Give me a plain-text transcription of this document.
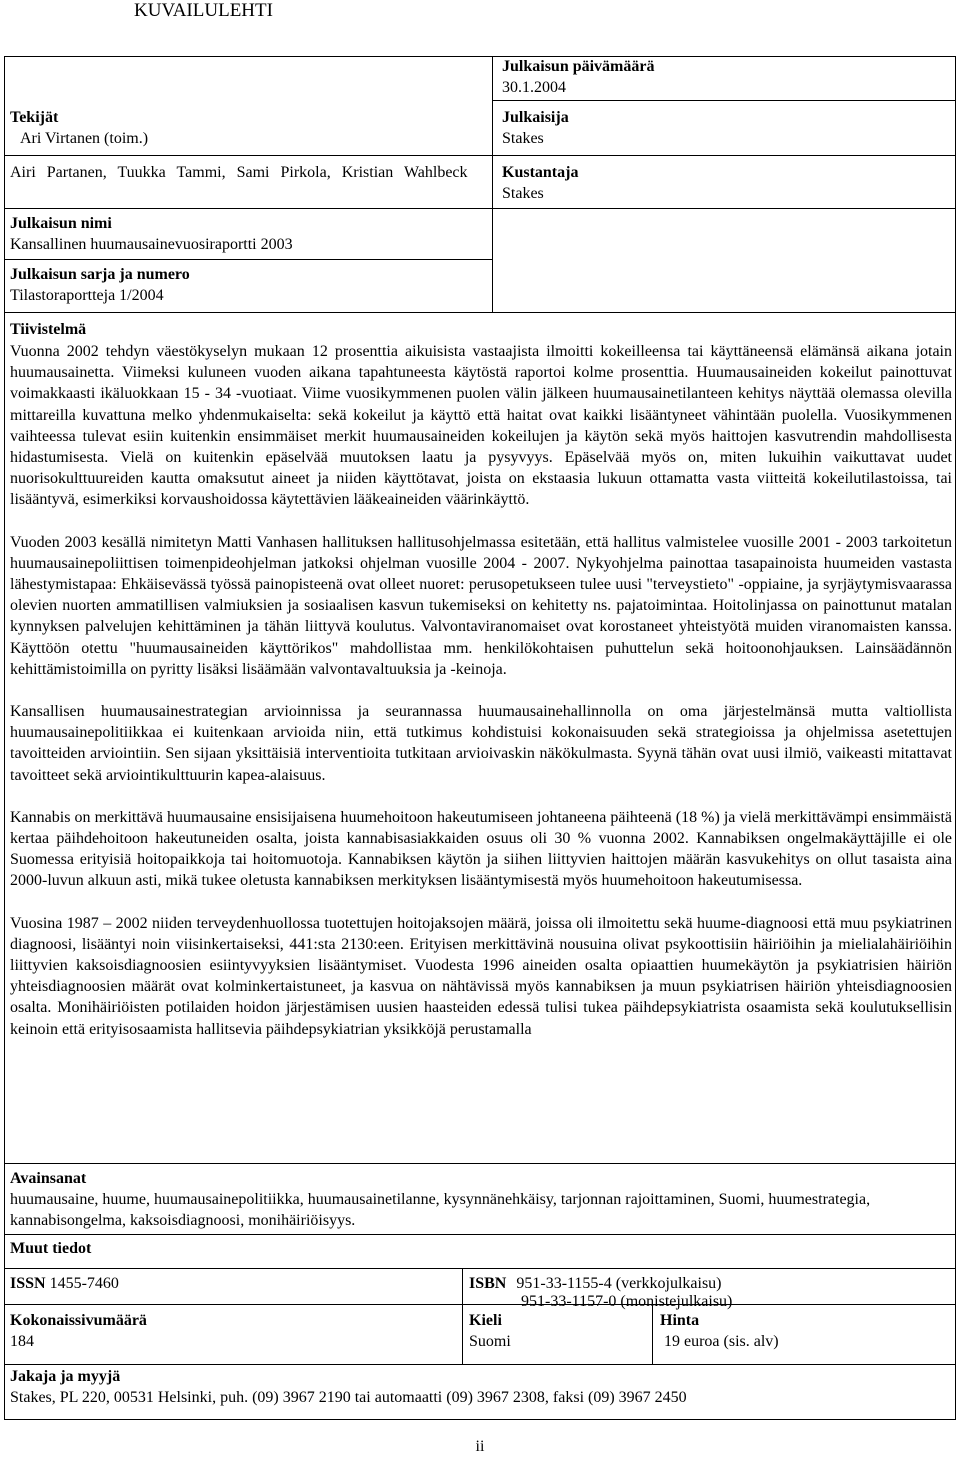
KUVAILULEHTI
Tekijät
Ari Virtanen (toim.)
Airi Partanen, Tuukka Tammi, Sami Pirkola, Kristian Wahlbeck
Julkaisun nimi
Kansallinen huumausainevuosiraportti 2003
Julkaisun sarja ja numero
Tilastoraportteja 1/2004
Julkaisun päivämäärä
30.1.2004
Julkaisija
Stakes
Kustantaja
Stakes
Tiivistelmä

Vuonna 2002 tehdyn väestökyselyn mukaan 12 prosenttia aikuisista vastaajista ilmoitti kokeilleensa tai käyttäneensä elämänsä aikana jotain huumausainetta. Viimeksi kuluneen vuoden aikana tapahtuneesta käytöstä raportoi kolme prosenttia. Huumausaineiden kokeilut painottuvat voimakkaasti ikäluokkaan 15 - 34 -vuotiaat. Viime vuosikymmenen puolen välin jälkeen huumausainetilanteen kehitys näyttää olemassa olevilla mittareilla kuvattuna melko yhdenmukaiselta: sekä kokeilut ja käyttö että haitat ovat kaikki lisääntyneet vähintään puolella. Vuosikymmenen vaihteessa tulevat esiin kuitenkin ensimmäiset merkit huumausaineiden kokeilujen ja käytön sekä myös haittojen kasvutrendin mahdollisesta hidastumisesta. Vielä on kuitenkin epäselvää muutoksen laatu ja pysyvyys. Epäselvää myös on, miten lukuihin vaikuttavat uudet nuorisokulttuureiden kautta omaksutut aineet ja niiden käyttötavat, joista on ekstaasia lukuun ottamatta vasta viitteitä kokeilutilastoissa, tai lisääntyvä, esimerkiksi korvaushoidossa käytettävien lääkeaineiden väärinkäyttö.

Vuoden 2003 kesällä nimitetyn Matti Vanhasen hallituksen hallitusohjelmassa esitetään, että hallitus valmistelee vuosille 2001 - 2003 tarkoitetun huumausainepoliittisen toimenpideohjelman jatkoksi ohjelman vuosille 2004 - 2007. Nykyohjelma painottaa tasapainoista huumeiden vastasta lähestymistapaa: Ehkäisevässä työssä painopisteenä ovat olleet nuoret: perusopetukseen tulee uusi "terveystieto" -oppiaine, ja syrjäytymisvaarassa olevien nuorten ammatillisen valmiuksien ja sosiaalisen kasvun tukemiseksi on kehitetty ns. pajatoimintaa. Hoitolinjassa on painottunut matalan kynnyksen palvelujen kehittäminen ja tähän liittyvä koulutus. Valvontaviranomaiset ovat korostaneet yhteistyötä muiden viranomaisten kanssa. Käyttöön otettu "huumausaineiden käyttörikos" mahdollistaa mm. henkilökohtaisen puhuttelun sekä hoitoonohjauksen. Lainsäädännön kehittämistoimilla on pyritty lisäksi lisäämään valvontavaltuuksia ja -keinoja.

Kansallisen huumausainestrategian arvioinnissa ja seurannassa huumausainehallinnolla on oma järjestelmänsä mutta valtiollista huumausainepolitiikkaa ei kuitenkaan arvioida niin, että tutkimus kohdistuisi kokonaisuuden sekä strategioissa ja ohjelmissa asetettujen tavoitteiden arviointiin. Sen sijaan yksittäisiä interventioita tutkitaan arvioivaskin näkökulmasta. Syynä tähän ovat uusi ilmiö, vaikeasti mitattavat tavoitteet sekä arviointikulttuurin kapea-alaisuus.

Kannabis on merkittävä huumausaine ensisijaisena huumehoitoon hakeutumiseen johtaneena päihteenä (18 %) ja vielä merkittävämpi ensimmäistä kertaa päihdehoitoon hakeutuneiden osalta, joista kannabisasiakkaiden osuus oli 30 % vuonna 2002. Kannabiksen ongelmakäyttäjille ei ole Suomessa erityisiä hoitopaikkoja tai hoitomuotoja. Kannabiksen käytön ja siihen liittyvien haittojen määrän kasvukehitys on ollut tasaista aina 2000-luvun alkuun asti, mikä tukee oletusta kannabiksen merkityksen lisääntymisestä myös huumehoitoon hakeutumisessa.

Vuosina 1987 – 2002 niiden terveydenhuollossa tuotettujen hoitojaksojen määrä, joissa oli ilmoitettu sekä huume-diagnoosi että muu psykiatrinen diagnoosi, lisääntyi noin viisinkertaiseksi, 441:sta 2130:een. Erityisen merkittävinä nousuina olivat psykoottisiin häiriöihin ja mielialahäiriöihin liittyvien kaksoisdiagnoosien esiintyvyyksien lisääntymiset. Vuodesta 1996 aineiden osalta opiaattien huumekäytön ja psykiatrisien häiriön yhteisdiagnoosien määrät ovat kolminkertaistuneet, ja kasvua on nähtävissä myös kannabiksen ja muun psykiatrisen häiriön yhteisdiagnoosien osalta. Monihäiriöisten potilaiden hoidon järjestämisen uusien haasteiden edessä tulisi tukea päihdepsykiatrista osaamista sekä koulutuksellisin keinoin että erityisosaamista hallitsevia päihdepsykiatrian yksikköjä perustamalla

Avainsanat
huumausaine, huume, huumausainepolitiikka, huumausainetilanne, kysynnänehkäisy, tarjonnan rajoittaminen, Suomi, huumestrategia, kannabisongelma, kaksoisdiagnoosi, monihäiriöisyys.
Muut tiedot
ISSN 1455-7460	ISBN 951-33-1155-4 (verkkojulkaisu)
951-33-1157-0 (monistejulkaisu)
Kokonaissivumäärä
184
Kieli
Suomi
Hinta
19 euroa (sis. alv)
Jakaja ja myyjä
Stakes, PL 220, 00531 Helsinki, puh. (09) 3967 2190 tai automaatti (09) 3967 2308, faksi (09) 3967 2450
ii
